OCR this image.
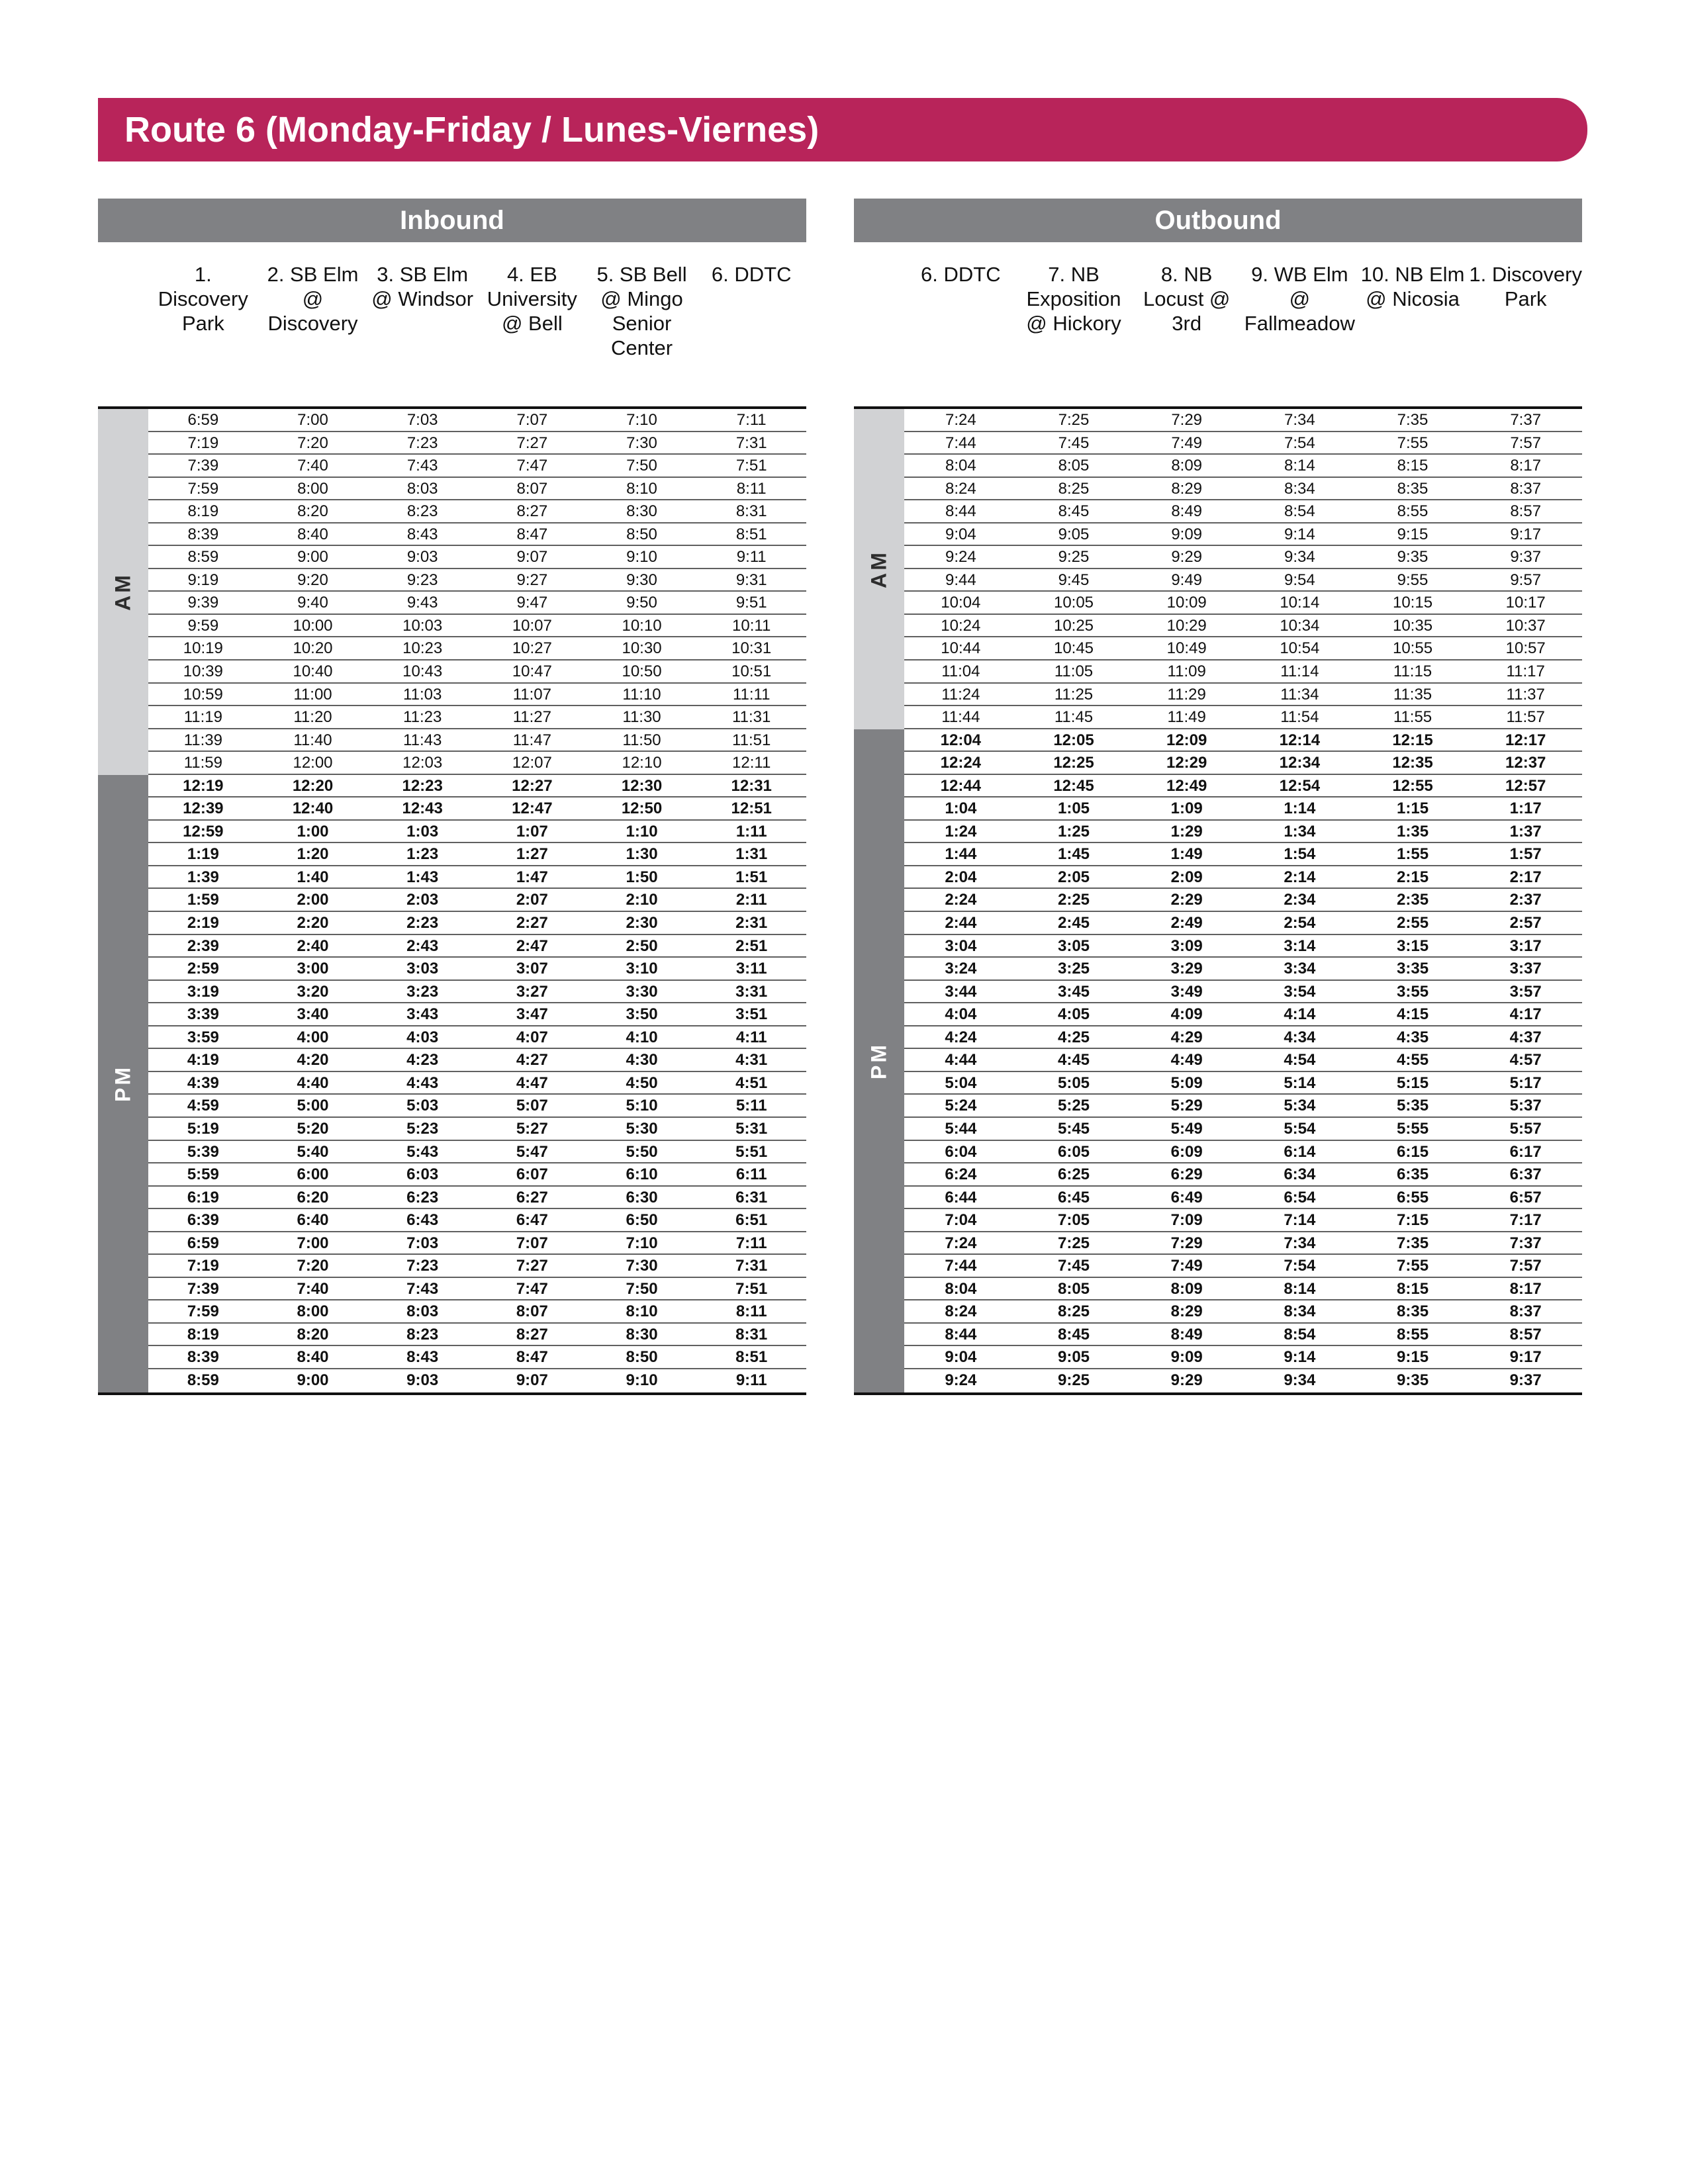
Route 6 (Monday-Friday / Lunes-Viernes)
Inbound
1. Discovery Park
2. SB Elm @ Discovery
3. SB Elm @ Windsor
4. EB University @ Bell
5. SB Bell @ Mingo Senior Center
6. DDTC
AM
PM
6:59	7:00	7:03	7:07	7:10	7:11
7:19	7:20	7:23	7:27	7:30	7:31
7:39	7:40	7:43	7:47	7:50	7:51
7:59	8:00	8:03	8:07	8:10	8:11
8:19	8:20	8:23	8:27	8:30	8:31
8:39	8:40	8:43	8:47	8:50	8:51
8:59	9:00	9:03	9:07	9:10	9:11
9:19	9:20	9:23	9:27	9:30	9:31
9:39	9:40	9:43	9:47	9:50	9:51
9:59	10:00	10:03	10:07	10:10	10:11
10:19	10:20	10:23	10:27	10:30	10:31
10:39	10:40	10:43	10:47	10:50	10:51
10:59	11:00	11:03	11:07	11:10	11:11
11:19	11:20	11:23	11:27	11:30	11:31
11:39	11:40	11:43	11:47	11:50	11:51
11:59	12:00	12:03	12:07	12:10	12:11
12:19	12:20	12:23	12:27	12:30	12:31
12:39	12:40	12:43	12:47	12:50	12:51
12:59	1:00	1:03	1:07	1:10	1:11
1:19	1:20	1:23	1:27	1:30	1:31
1:39	1:40	1:43	1:47	1:50	1:51
1:59	2:00	2:03	2:07	2:10	2:11
2:19	2:20	2:23	2:27	2:30	2:31
2:39	2:40	2:43	2:47	2:50	2:51
2:59	3:00	3:03	3:07	3:10	3:11
3:19	3:20	3:23	3:27	3:30	3:31
3:39	3:40	3:43	3:47	3:50	3:51
3:59	4:00	4:03	4:07	4:10	4:11
4:19	4:20	4:23	4:27	4:30	4:31
4:39	4:40	4:43	4:47	4:50	4:51
4:59	5:00	5:03	5:07	5:10	5:11
5:19	5:20	5:23	5:27	5:30	5:31
5:39	5:40	5:43	5:47	5:50	5:51
5:59	6:00	6:03	6:07	6:10	6:11
6:19	6:20	6:23	6:27	6:30	6:31
6:39	6:40	6:43	6:47	6:50	6:51
6:59	7:00	7:03	7:07	7:10	7:11
7:19	7:20	7:23	7:27	7:30	7:31
7:39	7:40	7:43	7:47	7:50	7:51
7:59	8:00	8:03	8:07	8:10	8:11
8:19	8:20	8:23	8:27	8:30	8:31
8:39	8:40	8:43	8:47	8:50	8:51
8:59	9:00	9:03	9:07	9:10	9:11
Outbound
6. DDTC	7. NB Exposition @ Hickory
8. NB Locust @ 3rd
9. WB Elm @ Fallmeadow
10. NB Elm @ Nicosia
1. Discovery Park
AM
PM
7:24	7:25	7:29	7:34	7:35	7:37
7:44	7:45	7:49	7:54	7:55	7:57
8:04	8:05	8:09	8:14	8:15	8:17
8:24	8:25	8:29	8:34	8:35	8:37
8:44	8:45	8:49	8:54	8:55	8:57
9:04	9:05	9:09	9:14	9:15	9:17
9:24	9:25	9:29	9:34	9:35	9:37
9:44	9:45	9:49	9:54	9:55	9:57
10:04	10:05	10:09	10:14	10:15	10:17
10:24	10:25	10:29	10:34	10:35	10:37
10:44	10:45	10:49	10:54	10:55	10:57
11:04	11:05	11:09	11:14	11:15	11:17
11:24	11:25	11:29	11:34	11:35	11:37
11:44	11:45	11:49	11:54	11:55	11:57
12:04	12:05	12:09	12:14	12:15	12:17
12:24	12:25	12:29	12:34	12:35	12:37
12:44	12:45	12:49	12:54	12:55	12:57
1:04	1:05	1:09	1:14	1:15	1:17
1:24	1:25	1:29	1:34	1:35	1:37
1:44	1:45	1:49	1:54	1:55	1:57
2:04	2:05	2:09	2:14	2:15	2:17
2:24	2:25	2:29	2:34	2:35	2:37
2:44	2:45	2:49	2:54	2:55	2:57
3:04	3:05	3:09	3:14	3:15	3:17
3:24	3:25	3:29	3:34	3:35	3:37
3:44	3:45	3:49	3:54	3:55	3:57
4:04	4:05	4:09	4:14	4:15	4:17
4:24	4:25	4:29	4:34	4:35	4:37
4:44	4:45	4:49	4:54	4:55	4:57
5:04	5:05	5:09	5:14	5:15	5:17
5:24	5:25	5:29	5:34	5:35	5:37
5:44	5:45	5:49	5:54	5:55	5:57
6:04	6:05	6:09	6:14	6:15	6:17
6:24	6:25	6:29	6:34	6:35	6:37
6:44	6:45	6:49	6:54	6:55	6:57
7:04	7:05	7:09	7:14	7:15	7:17
7:24	7:25	7:29	7:34	7:35	7:37
7:44	7:45	7:49	7:54	7:55	7:57
8:04	8:05	8:09	8:14	8:15	8:17
8:24	8:25	8:29	8:34	8:35	8:37
8:44	8:45	8:49	8:54	8:55	8:57
9:04	9:05	9:09	9:14	9:15	9:17
9:24	9:25	9:29	9:34	9:35	9:37
